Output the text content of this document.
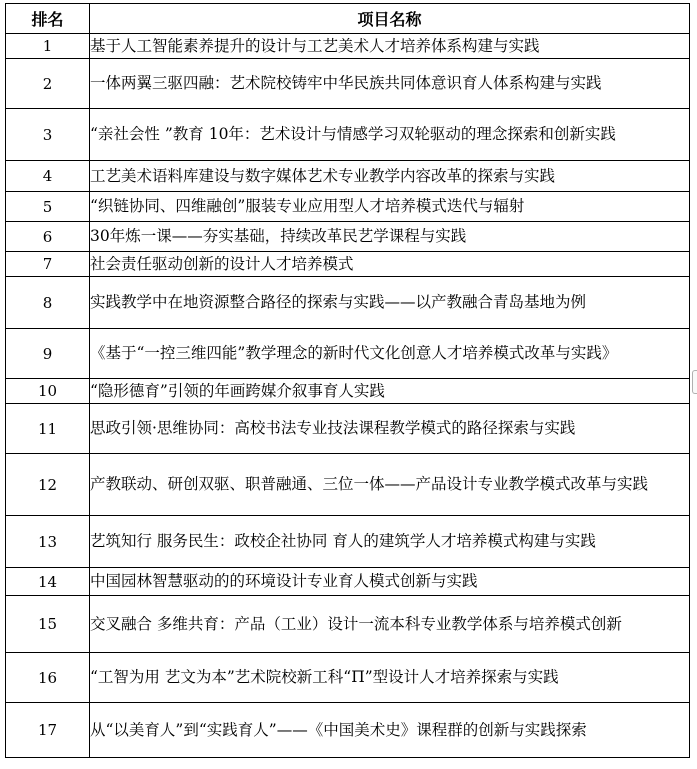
排名	项目名称
1	基于人工智能素养提升的设计与工艺美术人才培养体系构建与实践
2	一体两翼三驱四融：艺术院校铸牢中华民族共同体意识育人体系构建与实践
3	“亲社会性 ”教育 10年：艺术设计与情感学习双轮驱动的理念探索和创新实践
4	工艺美术语料库建设与数字媒体艺术专业教学内容改革的探索与实践
5	“织链协同、四维融创”服装专业应用型人才培养模式迭代与辐射
6	30年炼一课——夯实基础，持续改革民艺学课程与实践
7	社会责任驱动创新的设计人才培养模式
8	实践教学中在地资源整合路径的探索与实践——以产教融合青岛基地为例
9	《基于“一控三维四能”教学理念的新时代文化创意人才培养模式改革与实践》
10	“隐形德育”引领的年画跨媒介叙事育人实践
11	思政引领·思维协同：高校书法专业技法课程教学模式的路径探索与实践
12	产教联动、研创双驱、职普融通、三位一体——产品设计专业教学模式改革与实践
13	艺筑知行 服务民生：政校企社协同 育人的建筑学人才培养模式构建与实践
14	中国园林智慧驱动的的环境设计专业育人模式创新与实践
15	交叉融合 多维共育：产品（工业）设计一流本科专业教学体系与培养模式创新
16	“工智为用 艺文为本”艺术院校新工科“Π”型设计人才培养探索与实践
17	从“以美育人”到“实践育人”——《中国美术史》课程群的创新与实践探索
